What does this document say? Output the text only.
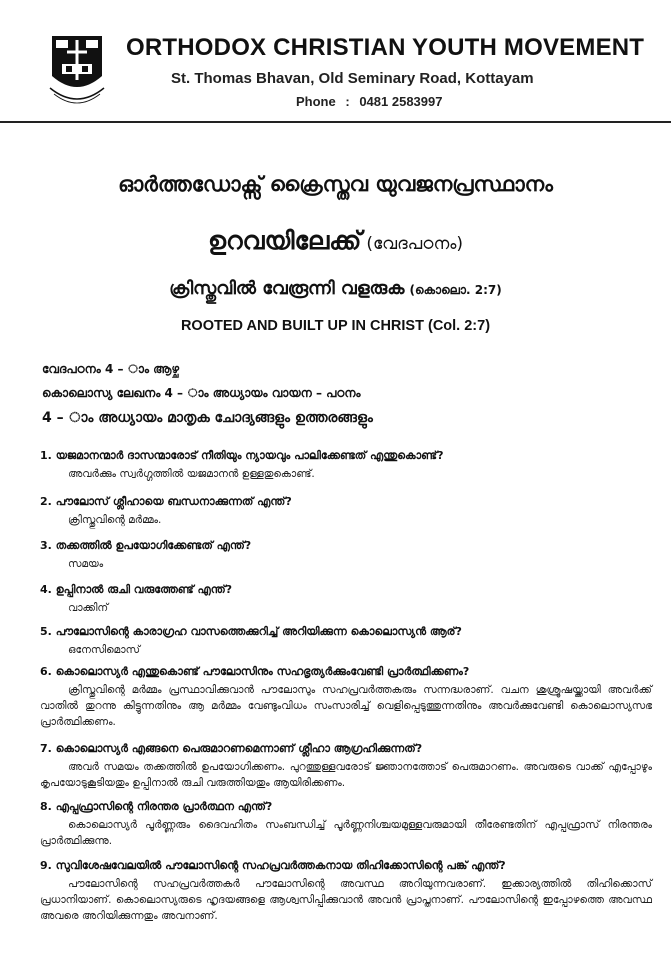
ORTHODOX CHRISTIAN YOUTH MOVEMENT
St. Thomas Bhavan, Old Seminary Road, Kottayam
Phone : 0481 2583997
ഓർത്തഡോക്സ് ക്രൈസ്തവ യുവജനപ്രസ്ഥാനം
ഉറവയിലേക്ക് (വേദപഠനം)
ക്രിസ്തുവിൽ വേരൂന്നി വളരുക (കൊലൊ. 2:7)
ROOTED AND BUILT UP IN CHRIST (Col. 2:7)
വേദപഠനം 4 – ാം ആഴ്ച
കൊലൊസ്യ ലേഖനം 4 – ാം അധ്യായം വായന – പഠനം
4 – ാം അധ്യായം മാതൃക ചോദ്യങ്ങളും ഉത്തരങ്ങളും
1. യജമാനന്മാർ ദാസന്മാരോട് നീതിയും ന്യായവും പാലിക്കേണ്ടത് എന്തുകൊണ്ട്?
അവർക്കും സ്വർഗ്ഗത്തിൽ യജമാനൻ ഉള്ളതുകൊണ്ട്.
2. പൗലോസ് ശ്ലീഹായെ ബന്ധനാക്കുന്നത് എന്ത്?
ക്രിസ്തുവിന്റെ മർമ്മം.
3. തക്കത്തിൽ ഉപയോഗിക്കേണ്ടത് എന്ത്?
സമയം
4. ഉപ്പിനാൽ രുചി വരുത്തേണ്ട് എന്ത്?
വാക്കിന്
5. പൗലോസിന്റെ കാരാഗ്രഹ വാസത്തെക്കുറിച്ച് അറിയിക്കുന്ന കൊലൊസ്യൻ ആര്?
ഒനേസിമൊസ്
6. കൊലൊസ്യർ എന്തുകൊണ്ട് പൗലോസിനും സഹഭൃത്യർക്കുംവേണ്ടി പ്രാർത്ഥിക്കണം?
ക്രിസ്തുവിന്റെ മർമ്മം പ്രസ്ഥാവിക്കുവാൻ പൗലോസും സഹപ്രവർത്തകരും സന്നദ്ധരാണ്. വചന ശുശ്രൂഷയ്ക്കായി അവർക്ക് വാതിൽ തുറന്നു കിട്ടുന്നതിനും ആ മർമ്മം വേണ്ടുംവിധം സംസാരിച്ച് വെളിപ്പെടുത്തുന്നതിനും അവർക്കുവേണ്ടി കൊലൊസ്യസഭ പ്രാർത്ഥിക്കണം.
7. കൊലൊസ്യർ എങ്ങനെ പെരുമാറണമെന്നാണ് ശ്ലീഹാ ആഗ്രഹിക്കുന്നത്?
അവർ സമയം തക്കത്തിൽ ഉപയോഗിക്കണം. പുറത്തുള്ളവരോട് ജ്ഞാനത്തോട് പെരുമാറണം. അവരുടെ വാക്ക് എപ്പോഴും കൃപയോടുകൂടിയതും ഉപ്പിനാൽ രുചി വരുത്തിയതും ആയിരിക്കണം.
8. എപ്പഫ്രാസിന്റെ നിരന്തര പ്രാർത്ഥന എന്ത്?
കൊലൊസ്യർ പൂർണ്ണരും ദൈവഹിതം സംബന്ധിച്ച് പൂർണ്ണനിശ്ചയമുള്ളവരുമായി തീരേണ്ടതിന് എപ്പഫ്രാസ് നിരന്തരം പ്രാർത്ഥിക്കുന്നു.
9. സുവിശേഷവേലയിൽ പൗലോസിന്റെ സഹപ്രവർത്തകനായ തിഹിക്കോസിന്റെ പങ്ക് എന്ത്?
പൗലോസിന്റെ സഹപ്രവർത്തകർ പൗലോസിന്റെ അവസ്ഥ അറിയുന്നവരാണ്. ഇക്കാര്യത്തിൽ തിഹിക്കൊസ് പ്രധാനിയാണ്. കൊലൊസ്യരുടെ ഹൃദയങ്ങളെ ആശ്വസിപ്പിക്കുവാൻ അവൻ പ്രാപ്തനാണ്. പൗലോസിന്റെ ഇപ്പോഴത്തെ അവസ്ഥ അവരെ അറിയിക്കുന്നതും അവനാണ്.
